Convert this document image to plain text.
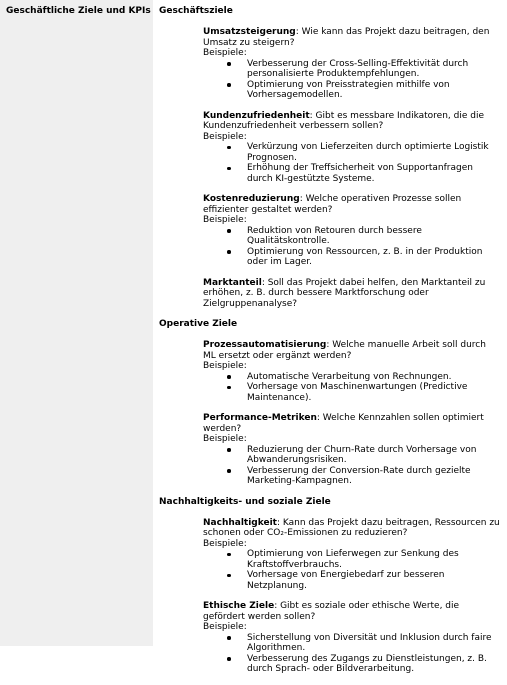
Geschäftliche Ziele und KPIs Geschäftsziele
Umsatzsteigerung: Wie kann das Projekt dazu beitragen, den Umsatz zu steigern?
Beispiele:
Verbesserung der Cross-Selling-Effektivität durch personalisierte Produktempfehlungen.
Optimierung von Preisstrategien mithilfe von Vorhersagemodellen.
Kundenzufriedenheit: Gibt es messbare Indikatoren, die die Kundenzufriedenheit verbessern sollen?
Beispiele:
Verkürzung von Lieferzeiten durch optimierte Logistik Prognosen.
Erhöhung der Treffsicherheit von Supportanfragen durch KI-gestützte Systeme.
Kostenreduzierung: Welche operativen Prozesse sollen effizienter gestaltet werden?
Beispiele:
Reduktion von Retouren durch bessere Qualitätskontrolle.
Optimierung von Ressourcen, z. B. in der Produktion oder im Lager.
Marktanteil: Soll das Projekt dabei helfen, den Marktanteil zu erhöhen, z. B. durch bessere Marktforschung oder Zielgruppenanalyse?
Operative Ziele
Prozessautomatisierung: Welche manuelle Arbeit soll durch ML ersetzt oder ergänzt werden?
Beispiele:
Automatische Verarbeitung von Rechnungen.
Vorhersage von Maschinenwartungen (Predictive Maintenance).
Performance-Metriken: Welche Kennzahlen sollen optimiert werden?
Beispiele:
Reduzierung der Churn-Rate durch Vorhersage von Abwanderungsrisiken.
Verbesserung der Conversion-Rate durch gezielte Marketing-Kampagnen.
Nachhaltigkeits- und soziale Ziele
Nachhaltigkeit: Kann das Projekt dazu beitragen, Ressourcen zu schonen oder CO₂-Emissionen zu reduzieren?
Beispiele:
Optimierung von Lieferwegen zur Senkung des Kraftstoffverbrauchs.
Vorhersage von Energiebedarf zur besseren Netzplanung.
Ethische Ziele: Gibt es soziale oder ethische Werte, die gefördert werden sollen?
Beispiele:
Sicherstellung von Diversität und Inklusion durch faire Algorithmen.
Verbesserung des Zugangs zu Dienstleistungen, z. B. durch Sprach- oder Bildverarbeitung.
